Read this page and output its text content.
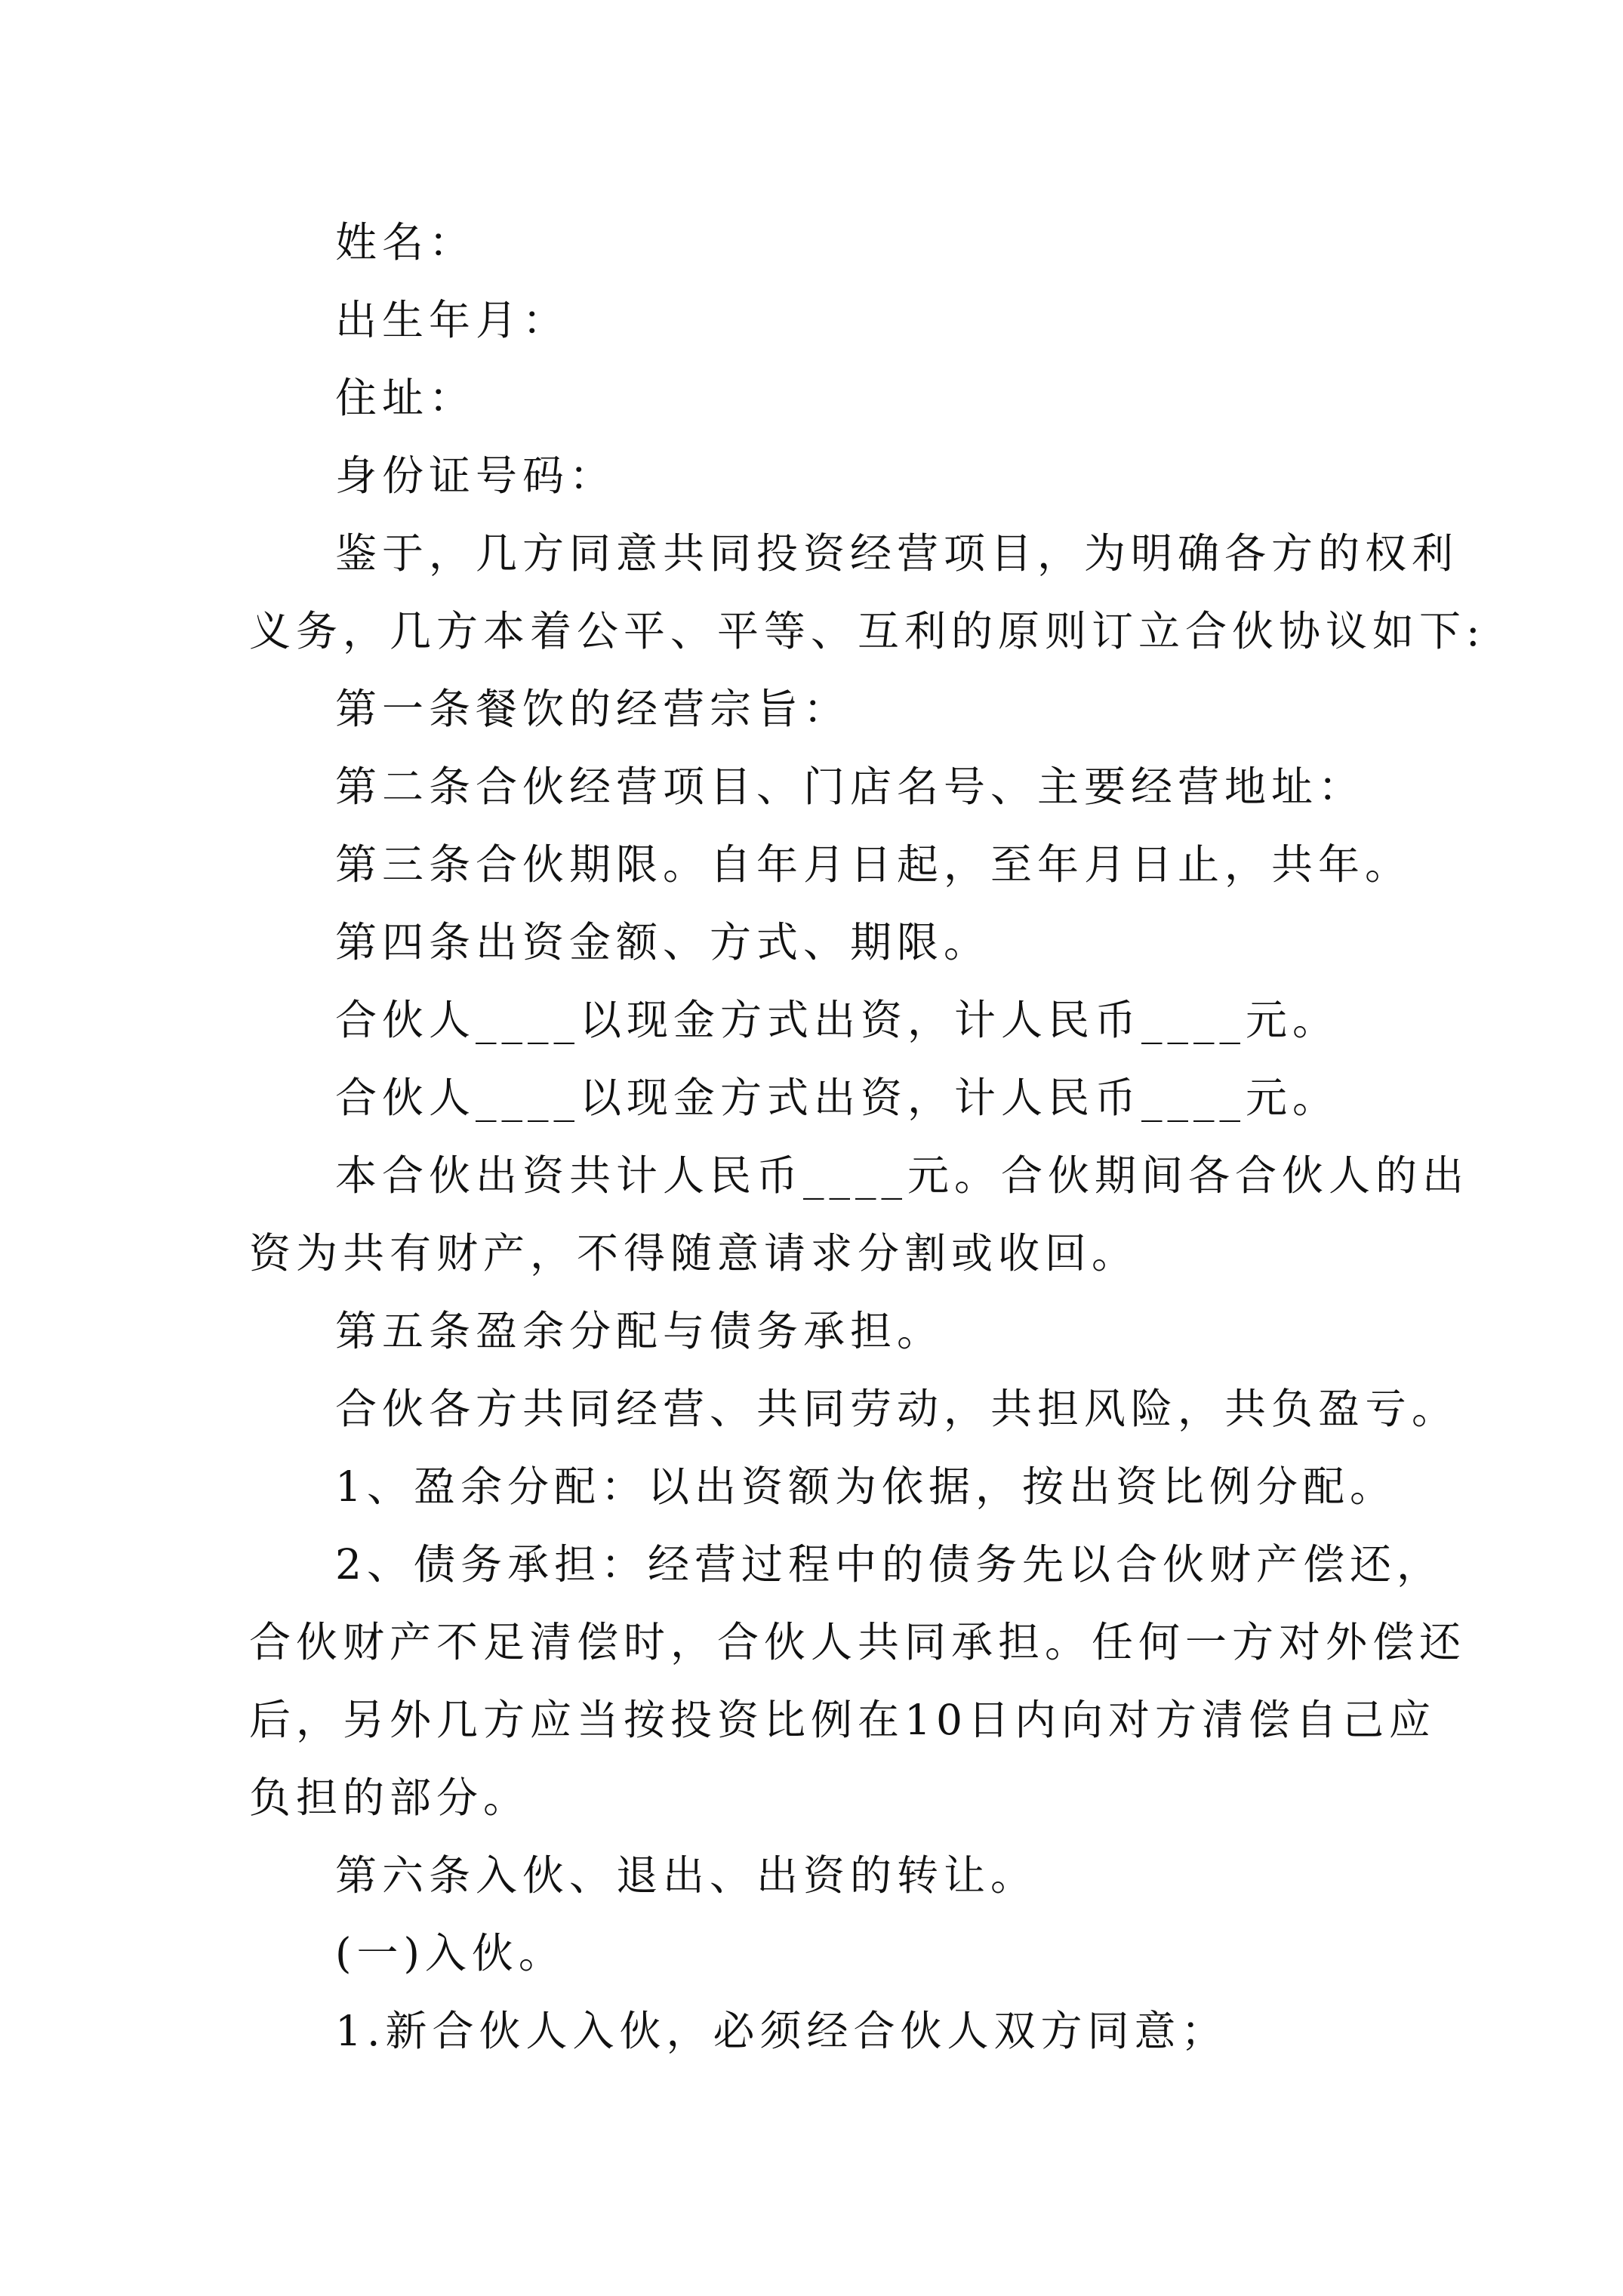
姓名：

出生年月：

住址：

身份证号码：

鉴于，几方同意共同投资经营项目，为明确各方的权利
义务，几方本着公平、平等、互利的原则订立合伙协议如下:

第一条餐饮的经营宗旨：

第二条合伙经营项目、门店名号、主要经营地址：

第三条合伙期限。自年月日起，至年月日止，共年。

第四条出资金额、方式、期限。

合伙人____以现金方式出资，计人民币____元。

合伙人____以现金方式出资，计人民币____元。

本合伙出资共计人民币____元。合伙期间各合伙人的出
资为共有财产，不得随意请求分割或收回。

第五条盈余分配与债务承担。

合伙各方共同经营、共同劳动，共担风险，共负盈亏。

1、盈余分配：以出资额为依据，按出资比例分配。

2、债务承担：经营过程中的债务先以合伙财产偿还，
合伙财产不足清偿时，合伙人共同承担。任何一方对外偿还
后，另外几方应当按投资比例在10日内向对方清偿自己应
负担的部分。

第六条入伙、退出、出资的转让。

(一)入伙。

1.新合伙人入伙，必须经合伙人双方同意；
